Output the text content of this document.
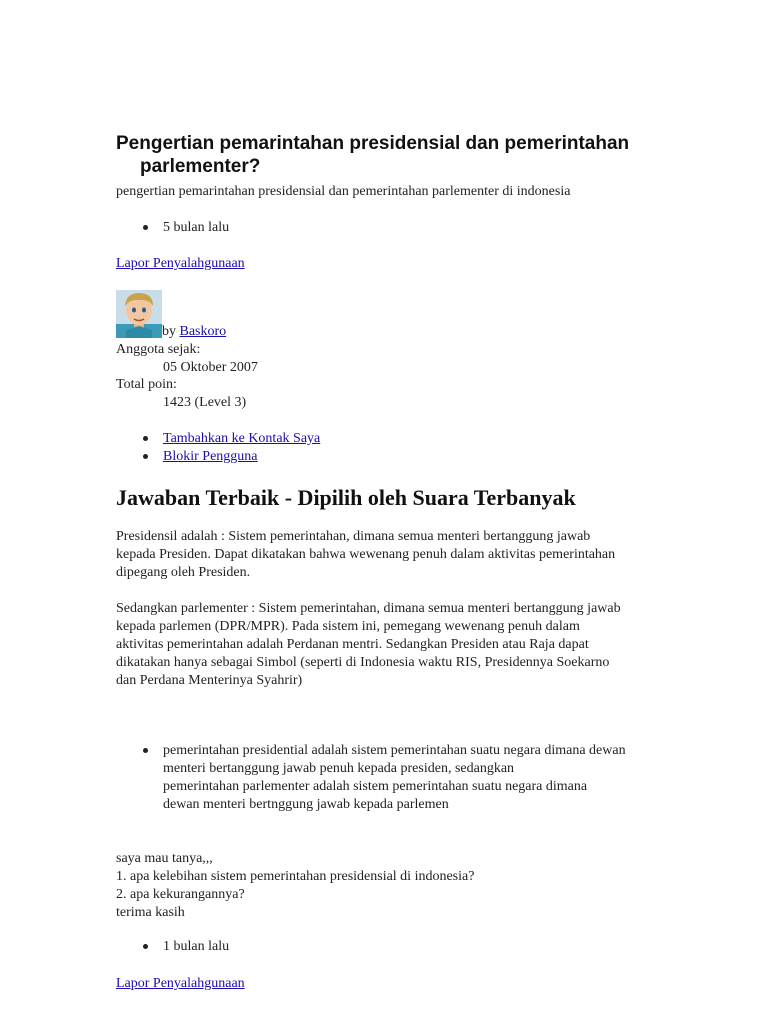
Pengertian pemarintahan presidensial dan pemerintahan
parlementer?
pengertian pemarintahan presidensial dan pemerintahan parlementer di indonesia
5 bulan lalu
Lapor Penyalahgunaan
by Baskoro
Anggota sejak:
05 Oktober 2007
Total poin:
1423 (Level 3)
Tambahkan ke Kontak Saya
Blokir Pengguna
Jawaban Terbaik - Dipilih oleh Suara Terbanyak
Presidensil adalah : Sistem pemerintahan, dimana semua menteri bertanggung jawab
kepada Presiden. Dapat dikatakan bahwa wewenang penuh dalam aktivitas pemerintahan
dipegang oleh Presiden.
Sedangkan parlementer : Sistem pemerintahan, dimana semua menteri bertanggung jawab
kepada parlemen (DPR/MPR). Pada sistem ini, pemegang wewenang penuh dalam
aktivitas pemerintahan adalah Perdanan mentri. Sedangkan Presiden atau Raja dapat
dikatakan hanya sebagai Simbol (seperti di Indonesia waktu RIS, Presidennya Soekarno
dan Perdana Menterinya Syahrir)
pemerintahan presidential adalah sistem pemerintahan suatu negara dimana dewan
menteri bertanggung jawab penuh kepada presiden, sedangkan
pemerintahan parlementer adalah sistem pemerintahan suatu negara dimana
dewan menteri bertnggung jawab kepada parlemen
saya mau tanya,,,
1. apa kelebihan sistem pemerintahan presidensial di indonesia?
2. apa kekurangannya?
terima kasih
1 bulan lalu
Lapor Penyalahgunaan
